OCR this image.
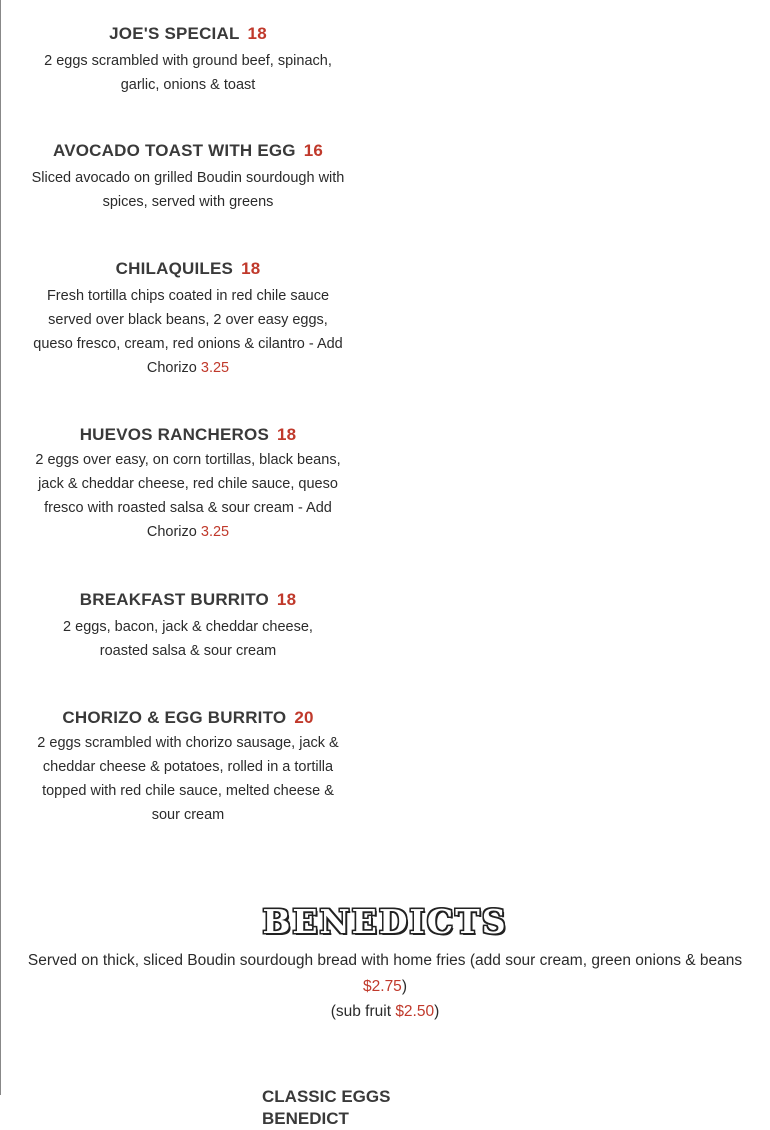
JOE'S SPECIAL 18

2 eggs scrambled with ground beef, spinach, garlic, onions & toast

AVOCADO TOAST WITH EGG 16

Sliced avocado on grilled Boudin sourdough with spices, served with greens

CHILAQUILES 18

Fresh tortilla chips coated in red chile sauce served over black beans, 2 over easy eggs, queso fresco, cream, red onions & cilantro - Add Chorizo 3.25

HUEVOS RANCHEROS 18

2 eggs over easy, on corn tortillas, black beans, jack & cheddar cheese, red chile sauce, queso fresco with roasted salsa & sour cream - Add Chorizo 3.25

BREAKFAST BURRITO 18

2 eggs, bacon, jack & cheddar cheese, roasted salsa & sour cream

CHORIZO & EGG BURRITO 20

2 eggs scrambled with chorizo sausage, jack & cheddar cheese & potatoes, rolled in a tortilla topped with red chile sauce, melted cheese & sour cream

BENEDICTS
Served on thick, sliced Boudin sourdough bread with home fries (add sour cream, green onions & beans
$2.75)
(sub fruit $2.50)
CLASSIC EGGS BENEDICT
